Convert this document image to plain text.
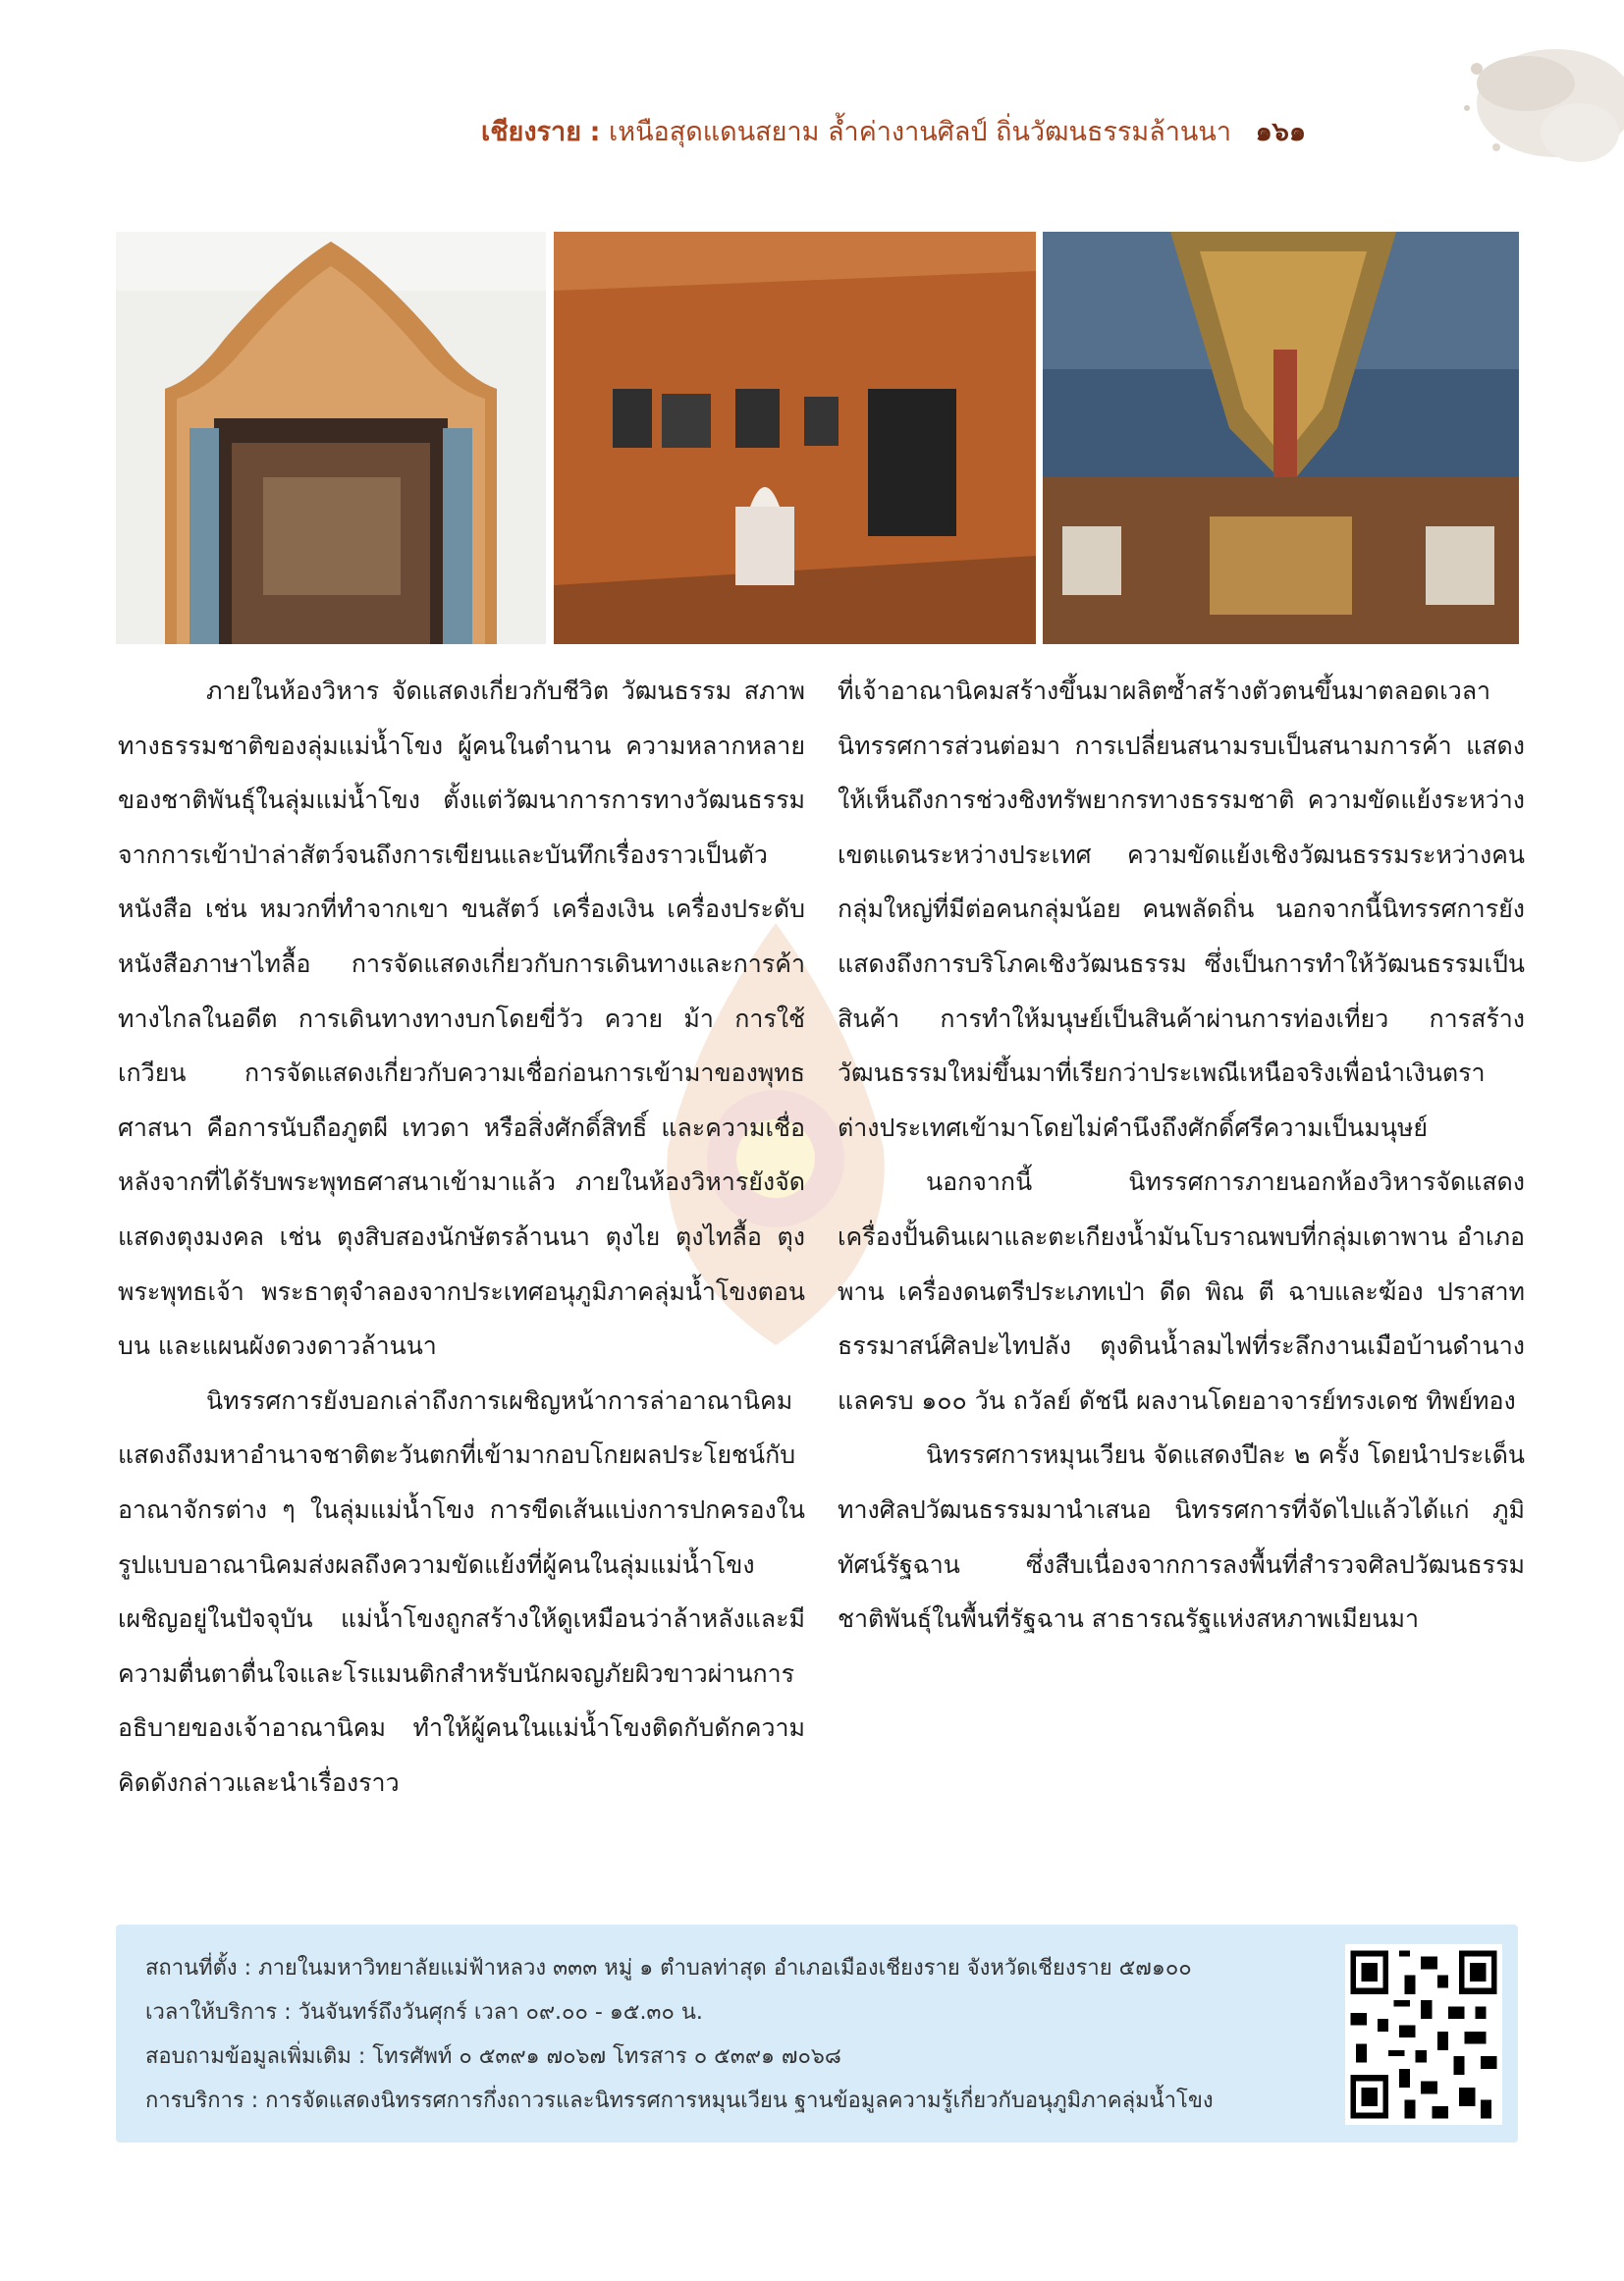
เชียงราย : เหนือสุดแดนสยาม ล้ำค่างานศิลป์ ถิ่นวัฒนธรรมล้านนา ๑๖๑

ภายในห้องวิหาร จัดแสดงเกี่ยวกับชีวิต วัฒนธรรม สภาพทางธรรมชาติของลุ่มแม่น้ำโขง ผู้คนในตำนาน ความหลากหลายของชาติพันธุ์ในลุ่มแม่น้ำโขง ตั้งแต่วัฒนาการการทางวัฒนธรรมจากการเข้าป่าล่าสัตว์จนถึงการเขียนและบันทึกเรื่องราวเป็นตัวหนังสือ เช่น หมวกที่ทำจากเขา ขนสัตว์ เครื่องเงิน เครื่องประดับ หนังสือภาษาไทลื้อ การจัดแสดงเกี่ยวกับการเดินทางและการค้าทางไกลในอดีต การเดินทางทางบกโดยขี่วัว ควาย ม้า การใช้เกวียน การจัดแสดงเกี่ยวกับความเชื่อก่อนการเข้ามาของพุทธศาสนา คือการนับถือภูตผี เทวดา หรือสิ่งศักดิ์สิทธิ์ และความเชื่อหลังจากที่ได้รับพระพุทธศาสนาเข้ามาแล้ว ภายในห้องวิหารยังจัดแสดงตุงมงคล เช่น ตุงสิบสองนักษัตรล้านนา ตุงไย ตุงไทลื้อ ตุงพระพุทธเจ้า พระธาตุจำลองจากประเทศอนุภูมิภาคลุ่มน้ำโขงตอนบน และแผนผังดวงดาวล้านนา

นิทรรศการยังบอกเล่าถึงการเผชิญหน้าการล่าอาณานิคม แสดงถึงมหาอำนาจชาติตะวันตกที่เข้ามากอบโกยผลประโยชน์กับอาณาจักรต่าง ๆ ในลุ่มแม่น้ำโขง การขีดเส้นแบ่งการปกครองในรูปแบบอาณานิคมส่งผลถึงความขัดแย้งที่ผู้คนในลุ่มแม่น้ำโขงเผชิญอยู่ในปัจจุบัน แม่น้ำโขงถูกสร้างให้ดูเหมือนว่าล้าหลังและมีความตื่นตาตื่นใจและโรแมนติกสำหรับนักผจญภัยผิวขาวผ่านการอธิบายของเจ้าอาณานิคม ทำให้ผู้คนในแม่น้ำโขงติดกับดักความคิดดังกล่าวและนำเรื่องราว

ที่เจ้าอาณานิคมสร้างขึ้นมาผลิตซ้ำสร้างตัวตนขึ้นมาตลอดเวลา นิทรรศการส่วนต่อมา การเปลี่ยนสนามรบเป็นสนามการค้า แสดงให้เห็นถึงการช่วงชิงทรัพยากรทางธรรมชาติ ความขัดแย้งระหว่างเขตแดนระหว่างประเทศ ความขัดแย้งเชิงวัฒนธรรมระหว่างคนกลุ่มใหญ่ที่มีต่อคนกลุ่มน้อย คนพลัดถิ่น นอกจากนี้นิทรรศการยังแสดงถึงการบริโภคเชิงวัฒนธรรม ซึ่งเป็นการทำให้วัฒนธรรมเป็นสินค้า การทำให้มนุษย์เป็นสินค้าผ่านการท่องเที่ยว การสร้างวัฒนธรรมใหม่ขึ้นมาที่เรียกว่าประเพณีเหนือจริงเพื่อนำเงินตราต่างประเทศเข้ามาโดยไม่คำนึงถึงศักดิ์ศรีความเป็นมนุษย์

นอกจากนี้ นิทรรศการภายนอกห้องวิหารจัดแสดงเครื่องปั้นดินเผาและตะเกียงน้ำมันโบราณพบที่กลุ่มเตาพาน อำเภอพาน เครื่องดนตรีประเภทเป่า ดีด พิณ ตี ฉาบและฆ้อง ปราสาทธรรมาสน์ศิลปะไทปลัง ตุงดินน้ำลมไฟที่ระลึกงานเมือบ้านดำนางแลครบ ๑๐๐ วัน ถวัลย์ ดัชนี ผลงานโดยอาจารย์ทรงเดช ทิพย์ทอง

นิทรรศการหมุนเวียน จัดแสดงปีละ ๒ ครั้ง โดยนำประเด็นทางศิลปวัฒนธรรมมานำเสนอ นิทรรศการที่จัดไปแล้วได้แก่ ภูมิทัศน์รัฐฉาน ซึ่งสืบเนื่องจากการลงพื้นที่สำรวจศิลปวัฒนธรรมชาติพันธุ์ในพื้นที่รัฐฉาน สาธารณรัฐแห่งสหภาพเมียนมา

สถานที่ตั้ง : ภายในมหาวิทยาลัยแม่ฟ้าหลวง ๓๓๓ หมู่ ๑ ตำบลท่าสุด อำเภอเมืองเชียงราย จังหวัดเชียงราย ๕๗๑๐๐
เวลาให้บริการ : วันจันทร์ถึงวันศุกร์ เวลา ๐๙.๐๐ - ๑๕.๓๐ น.
สอบถามข้อมูลเพิ่มเติม : โทรศัพท์ ๐ ๕๓๙๑ ๗๐๖๗ โทรสาร ๐ ๕๓๙๑ ๗๐๖๘
การบริการ : การจัดแสดงนิทรรศการกึ่งถาวรและนิทรรศการหมุนเวียน ฐานข้อมูลความรู้เกี่ยวกับอนุภูมิภาคลุ่มน้ำโขง
